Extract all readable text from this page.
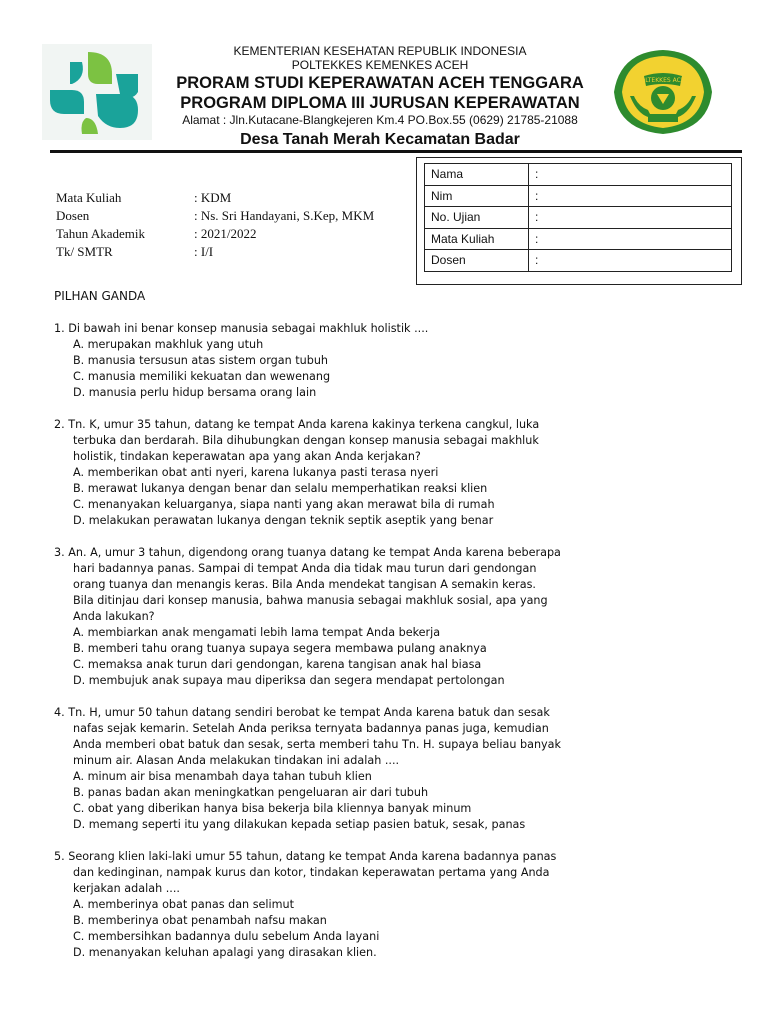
KEMENTERIAN KESEHATAN REPUBLIK INDONESIA
POLTEKKES KEMENKES ACEH
PRORAM STUDI KEPERAWATAN ACEH TENGGARA
PROGRAM DIPLOMA III JURUSAN KEPERAWATAN
Alamat : Jln.Kutacane-Blangkejeren Km.4 PO.Box.55 (0629) 21785-21088
Desa Tanah Merah Kecamatan Badar
POLTEKKES ACEH
Mata Kuliah	: KDM
Dosen	: Ns. Sri Handayani, S.Kep, MKM
Tahun Akademik	: 2021/2022
Tk/ SMTR	: I/I
Nama	:
Nim	:
No. Ujian	:
Mata Kuliah	:
Dosen	:
PILHAN GANDA
1. Di bawah ini benar konsep manusia sebagai makhluk holistik ....
A. merupakan makhluk yang utuh
B. manusia tersusun atas sistem organ tubuh
C. manusia memiliki kekuatan dan wewenang
D. manusia perlu hidup bersama orang lain
2. Tn. K, umur 35 tahun, datang ke tempat Anda karena kakinya terkena cangkul, luka
terbuka dan berdarah. Bila dihubungkan dengan konsep manusia sebagai makhluk
holistik, tindakan keperawatan apa yang akan Anda kerjakan?
A. memberikan obat anti nyeri, karena lukanya pasti terasa nyeri
B. merawat lukanya dengan benar dan selalu memperhatikan reaksi klien
C. menanyakan keluarganya, siapa nanti yang akan merawat bila di rumah
D. melakukan perawatan lukanya dengan teknik septik aseptik yang benar
3. An. A, umur 3 tahun, digendong orang tuanya datang ke tempat Anda karena beberapa
hari badannya panas. Sampai di tempat Anda dia tidak mau turun dari gendongan
orang tuanya dan menangis keras. Bila Anda mendekat tangisan A semakin keras.
Bila ditinjau dari konsep manusia, bahwa manusia sebagai makhluk sosial, apa yang
Anda lakukan?
A. membiarkan anak mengamati lebih lama tempat Anda bekerja
B. memberi tahu orang tuanya supaya segera membawa pulang anaknya
C. memaksa anak turun dari gendongan, karena tangisan anak hal biasa
D. membujuk anak supaya mau diperiksa dan segera mendapat pertolongan
4. Tn. H, umur 50 tahun datang sendiri berobat ke tempat Anda karena batuk dan sesak
nafas sejak kemarin. Setelah Anda periksa ternyata badannya panas juga, kemudian
Anda memberi obat batuk dan sesak, serta memberi tahu Tn. H. supaya beliau banyak
minum air. Alasan Anda melakukan tindakan ini adalah ....
A. minum air bisa menambah daya tahan tubuh klien
B. panas badan akan meningkatkan pengeluaran air dari tubuh
C. obat yang diberikan hanya bisa bekerja bila kliennya banyak minum
D. memang seperti itu yang dilakukan kepada setiap pasien batuk, sesak, panas
5. Seorang klien laki-laki umur 55 tahun, datang ke tempat Anda karena badannya panas
dan kedinginan, nampak kurus dan kotor, tindakan keperawatan pertama yang Anda
kerjakan adalah ....
A. memberinya obat panas dan selimut
B. memberinya obat penambah nafsu makan
C. membersihkan badannya dulu sebelum Anda layani
D. menanyakan keluhan apalagi yang dirasakan klien.
